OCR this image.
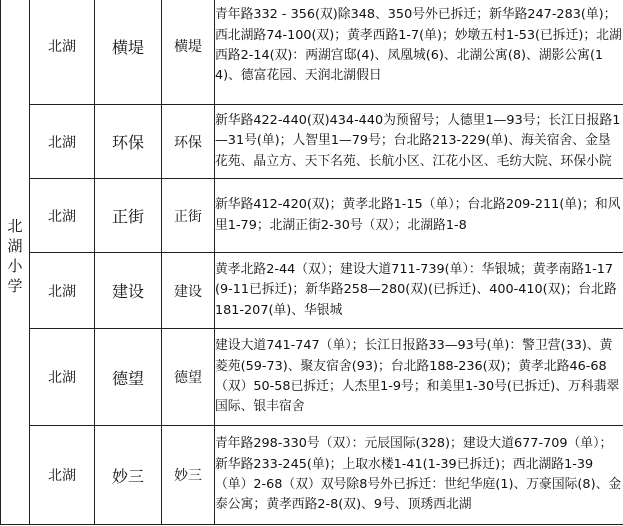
北湖小学	北湖	横堤	横堤	青年路332 - 356(双)除348、350号外已拆迁；新华路247-283(单)；西北湖路74-100(双)；黄孝西路1-7(单)；妙墩五村1-53(已拆迁)；北湖西路2-14(双)：两湖宫邸(4)、凤凰城(6)、北湖公寓(8)、湖影公寓(14)、德富花园、天润北湖假日
	北湖	环保	环保	新华路422-440(双)434-440为预留号；人德里1—93号；长江日报路1—31号(单)；人智里1—79号；台北路213-229(单)、海关宿舍、金垦花苑、晶立方、天下名苑、长航小区、江花小区、毛纺大院、环保小院
	北湖	正街	正街	新华路412-420(双)；黄孝北路1-15（单）；台北路209-211(单)；和风里1-79；北湖正街2-30号（双）；北湖路1-8
	北湖	建设	建设	黄孝北路2-44（双）；建设大道711-739(单）：华银城；黄孝南路1-17(9-11已拆迁)；新华路258—280(双)(已拆迁)、400-410(双)；台北路181-207(单)、华银城
	北湖	德望	德望	建设大道741-747（单）；长江日报路33—93号(单)：警卫营(33)、黄菱苑(59-73)、聚友宿舍(93)；台北路188-236(双)；黄孝北路46-68（双）50-58已拆迁；人杰里1-9号；和美里1-30号(已拆迁)、万科翡翠国际、银丰宿舍
	北湖	妙三	妙三	青年路298-330号（双）：元辰国际(328)；建设大道677-709（单）；新华路233-245(单)；上取水楼1-41(1-39已拆迁)；西北湖路1-39（单）2-68（双）双号除8号外已拆迁：世纪华庭(1)、万豪国际(8)、金泰公寓；黄孝西路2-8(双)、9号、顶琇西北湖
